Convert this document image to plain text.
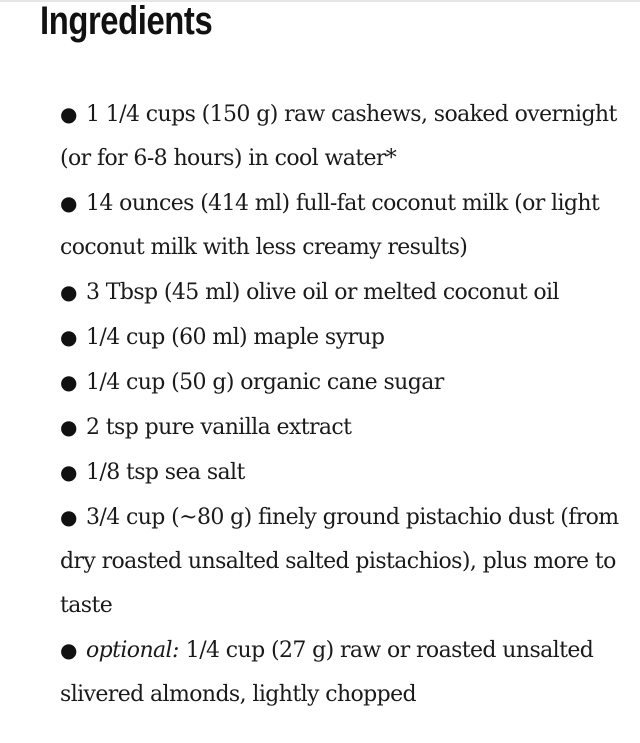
Ingredients
● 1 1/4 cups (150 g) raw cashews, soaked overnight (or for 6-8 hours) in cool water*
● 14 ounces (414 ml) full-fat coconut milk (or light coconut milk with less creamy results)
● 3 Tbsp (45 ml) olive oil or melted coconut oil
● 1/4 cup (60 ml) maple syrup
● 1/4 cup (50 g) organic cane sugar
● 2 tsp pure vanilla extract
● 1/8 tsp sea salt
● 3/4 cup (~80 g) finely ground pistachio dust (from dry roasted unsalted salted pistachios), plus more to taste
● optional: 1/4 cup (27 g) raw or roasted unsalted slivered almonds, lightly chopped
